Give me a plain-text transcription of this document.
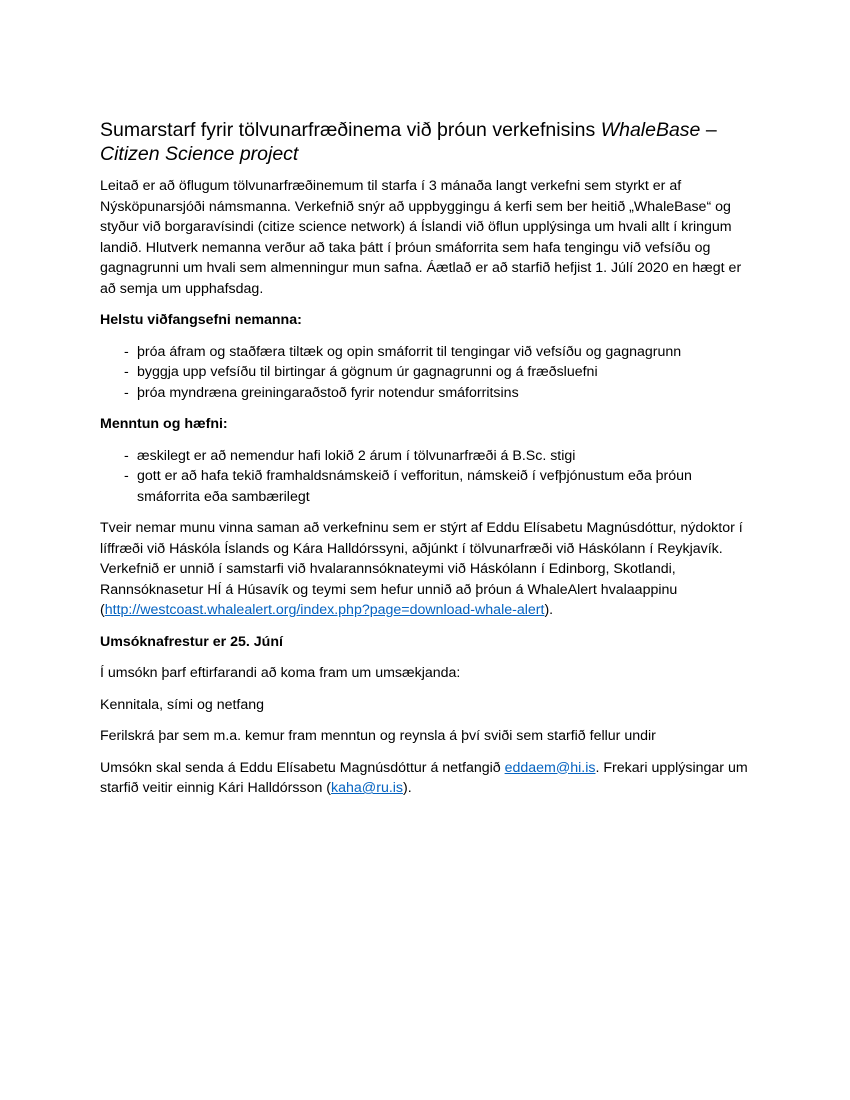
Sumarstarf fyrir tölvunarfræðinema við þróun verkefnisins WhaleBase –
Citizen Science project

Leitað er að öflugum tölvunarfræðinemum til starfa í 3 mánaða langt verkefni sem styrkt er af Nýsköpunarsjóði námsmanna. Verkefnið snýr að uppbyggingu á kerfi sem ber heitið „WhaleBase“ og styður við borgaravísindi (citize science network) á Íslandi við öflun upplýsinga um hvali allt í kringum landið. Hlutverk nemanna verður að taka þátt í þróun smáforrita sem hafa tengingu við vefsíðu og gagnagrunni um hvali sem almenningur mun safna. Áætlað er að starfið hefjist 1. Júlí 2020 en hægt er að semja um upphafsdag.

Helstu viðfangsefni nemanna:

- þróa áfram og staðfæra tiltæk og opin smáforrit til tengingar við vefsíðu og gagnagrunn
- byggja upp vefsíðu til birtingar á gögnum úr gagnagrunni og á fræðsluefni
- þróa myndræna greiningaraðstoð fyrir notendur smáforritsins

Menntun og hæfni:

- æskilegt er að nemendur hafi lokið 2 árum í tölvunarfræði á B.Sc. stigi
- gott er að hafa tekið framhaldsnámskeið í vefforitun, námskeið í vefþjónustum eða þróun smáforrita eða sambærilegt

Tveir nemar munu vinna saman að verkefninu sem er stýrt af Eddu Elísabetu Magnúsdóttur, nýdoktor í líffræði við Háskóla Íslands og Kára Halldórssyni, aðjúnkt í tölvunarfræði við Háskólann í Reykjavík. Verkefnið er unnið í samstarfi við hvalarannsóknateymi við Háskólann í Edinborg, Skotlandi, Rannsóknasetur HÍ á Húsavík og teymi sem hefur unnið að þróun á WhaleAlert hvalaappinu
(http://westcoast.whalealert.org/index.php?page=download-whale-alert).

Umsóknafrestur er 25. Júní

Í umsókn þarf eftirfarandi að koma fram um umsækjanda:

Kennitala, sími og netfang

Ferilskrá þar sem m.a. kemur fram menntun og reynsla á því sviði sem starfið fellur undir

Umsókn skal senda á Eddu Elísabetu Magnúsdóttur á netfangið eddaem@hi.is. Frekari upplýsingar um starfið veitir einnig Kári Halldórsson (kaha@ru.is).
